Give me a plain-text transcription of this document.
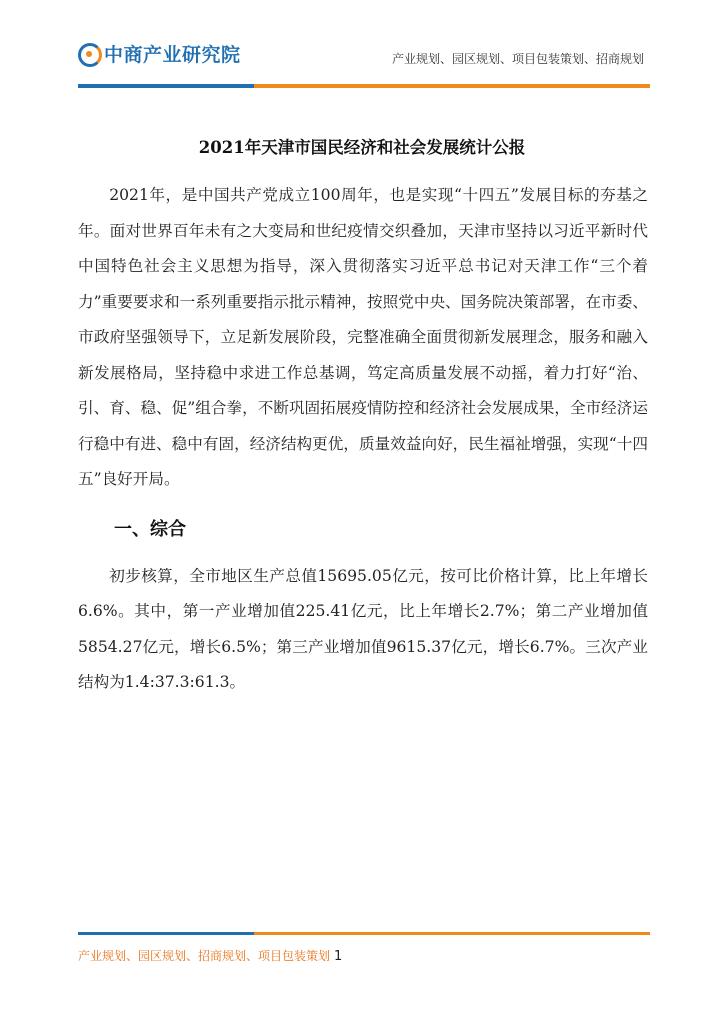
中商产业研究院	产业规划、园区规划、项目包装策划、招商规划
2021年天津市国民经济和社会发展统计公报

2021年，是中国共产党成立100周年，也是实现“十四五”发展目标的夯基之年。面对世界百年未有之大变局和世纪疫情交织叠加，天津市坚持以习近平新时代中国特色社会主义思想为指导，深入贯彻落实习近平总书记对天津工作“三个着力”重要要求和一系列重要指示批示精神，按照党中央、国务院决策部署，在市委、市政府坚强领导下，立足新发展阶段，完整准确全面贯彻新发展理念，服务和融入新发展格局，坚持稳中求进工作总基调，笃定高质量发展不动摇，着力打好“治、引、育、稳、促”组合拳，不断巩固拓展疫情防控和经济社会发展成果，全市经济运行稳中有进、稳中有固，经济结构更优，质量效益向好，民生福祉增强，实现“十四五”良好开局。

一、综合

初步核算，全市地区生产总值15695.05亿元，按可比价格计算，比上年增长6.6%。其中，第一产业增加值225.41亿元，比上年增长2.7%；第二产业增加值5854.27亿元，增长6.5%；第三产业增加值9615.37亿元，增长6.7%。三次产业结构为1.4:37.3:61.3。

产业规划、园区规划、招商规划、项目包装策划 1
